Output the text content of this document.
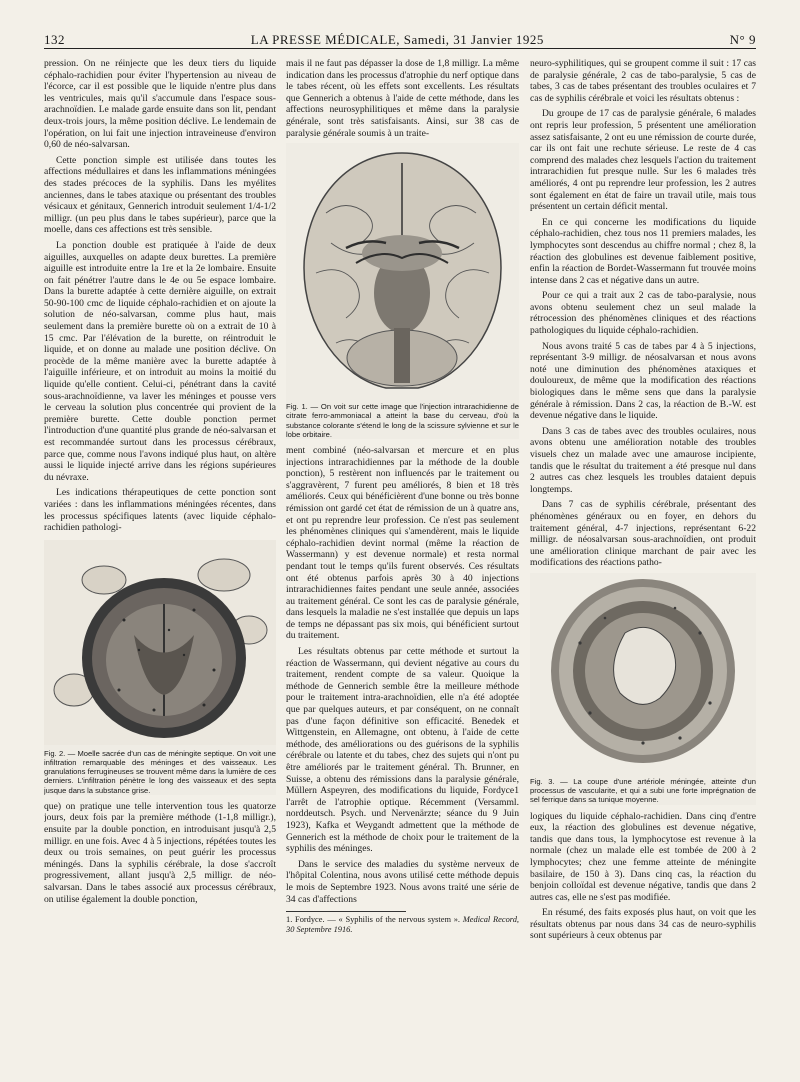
132	LA PRESSE MÉDICALE, Samedi, 31 Janvier 1925	N° 9

pression. On ne réinjecte que les deux tiers du liquide céphalo-rachidien pour éviter l'hypertension au niveau de l'écorce, car il est possible que le liquide n'entre plus dans les ventricules, mais qu'il s'accumule dans l'espace sous-arachnoïdien. Le malade garde ensuite dans son lit, pendant deux-trois jours, la même position déclive. Le lendemain de l'opération, on lui fait une injection intraveineuse d'environ 0,60 de néo-salvarsan.

Cette ponction simple est utilisée dans toutes les affections médullaires et dans les inflammations méningées des stades précoces de la syphilis. Dans les myélites anciennes, dans le tabes ataxique ou présentant des troubles vésicaux et génitaux, Gennerich introduit seulement 1/4-1/2 milligr. (un peu plus dans le tabes supérieur), parce que la moelle, dans ces affections est très sensible.

La ponction double est pratiquée à l'aide de deux aiguilles, auxquelles on adapte deux burettes. La première aiguille est introduite entre la 1re et la 2e lombaire. Ensuite on fait pénétrer l'autre dans le 4e ou 5e espace lombaire. Dans la burette adaptée à cette dernière aiguille, on extrait 50-90-100 cmc de liquide céphalo-rachidien et on ajoute la solution de néo-salvarsan, comme plus haut, mais seulement dans la première burette où on a extrait de 10 à 15 cmc. Par l'élévation de la burette, on réintroduit le liquide, et on donne au malade une position déclive. On procède de la même manière avec la burette adaptée à l'aiguille inférieure, et on introduit au moins la moitié du liquide qu'elle contient. Celui-ci, pénétrant dans la cavité sous-arachnoïdienne, va laver les méninges et pousse vers le cerveau la solution plus concentrée qui provient de la première burette. Cette double ponction permet l'introduction d'une quantité plus grande de néo-salvarsan et est recommandée surtout dans les processus cérébraux, parce que, comme nous l'avons indiqué plus haut, on altère aussi le liquide injecté arrive dans les régions supérieures du névraxe.

Les indications thérapeutiques de cette ponction sont variées : dans les inflammations méningées récentes, dans les processus spécifiques latents (avec liquide céphalo-rachidien pathologi-

Fig. 2. — Moelle sacrée d'un cas de méningite septique. On voit une infiltration remarquable des méninges et des vaisseaux. Les granulations ferrugineuses se trouvent même dans la lumière de ces derniers. L'infiltration pénètre le long des vaisseaux et des septa jusque dans la substance grise.

que) on pratique une telle intervention tous les quatorze jours, deux fois par la première méthode (1-1,8 milligr.), ensuite par la double ponction, en introduisant jusqu'à 2,5 milligr. en une fois. Avec 4 à 5 injections, répétées toutes les deux ou trois semaines, on peut guérir les processus méningés. Dans la syphilis cérébrale, la dose s'accroît progressivement, allant jusqu'à 2,5 milligr. de néo-salvarsan. Dans le tabes associé aux processus cérébraux, on utilise également la double ponction,

mais il ne faut pas dépasser la dose de 1,8 milligr. La même indication dans les processus d'atrophie du nerf optique dans le tabes récent, où les effets sont excellents. Les résultats que Gennerich a obtenus à l'aide de cette méthode, dans les affections neurosyphilitiques et même dans la paralysie générale, sont très satisfaisants. Ainsi, sur 38 cas de paralysie générale soumis à un traite-

Fig. 1. — On voit sur cette image que l'injection intrarachidienne de citrate ferro-ammoniacal a atteint la base du cerveau, d'où la substance colorante s'étend le long de la scissure sylvienne et sur le lobe orbitaire.

ment combiné (néo-salvarsan et mercure et en plus injections intrarachidiennes par la méthode de la double ponction), 5 restèrent non influencés par le traitement ou s'aggravèrent, 7 furent peu améliorés, 8 bien et 18 très améliorés. Ceux qui bénéficièrent d'une bonne ou très bonne rémission ont gardé cet état de rémission de un à quatre ans, et ont pu reprendre leur profession. Ce n'est pas seulement les phénomènes cliniques qui s'amendèrent, mais le liquide céphalo-rachidien devint normal (même la réaction de Wassermann) y est devenue normale) et resta normal pendant tout le temps qu'ils furent observés. Ces résultats ont été obtenus parfois après 30 à 40 injections intrarachidiennes faites pendant une seule année, associées au traitement général. Ce sont les cas de paralysie générale, dans lesquels la maladie ne s'est installée que depuis un laps de temps ne dépassant pas six mois, qui bénéficient surtout du traitement.

Les résultats obtenus par cette méthode et surtout la réaction de Wassermann, qui devient négative au cours du traitement, rendent compte de sa valeur. Quoique la méthode de Gennerich semble être la meilleure méthode pour le traitement intra-arachnoïdien, elle n'a été adoptée que par quelques auteurs, et par conséquent, on ne connaît pas d'une façon définitive son efficacité. Benedek et Wittgenstein, en Allemagne, ont obtenu, à l'aide de cette méthode, des améliorations ou des guérisons de la syphilis cérébrale ou latente et du tabes, chez des sujets qui n'ont pu être améliorés par le traitement général. Th. Brunner, en Suisse, a obtenu des rémissions dans la paralysie générale, Müllern Aspeyren, des modifications du liquide, Fordyce1 l'arrêt de l'atrophie optique. Récemment (Versamml. norddeutsch. Psych. und Nervenärzte; séance du 9 Juin 1923), Kafka et Weygandt admettent que la méthode de Gennerich est la méthode de choix pour le traitement de la syphilis des méninges.

Dans le service des maladies du système nerveux de l'hôpital Colentina, nous avons utilisé cette méthode depuis le mois de Septembre 1923. Nous avons traité une série de 34 cas d'affections

1. Fordyce. — « Syphilis of the nervous system ». Medical Record, 30 Septembre 1916.

neuro-syphilitiques, qui se groupent comme il suit : 17 cas de paralysie générale, 2 cas de tabo-paralysie, 5 cas de tabes, 3 cas de tabes présentant des troubles oculaires et 7 cas de syphilis cérébrale et voici les résultats obtenus :

Du groupe de 17 cas de paralysie générale, 6 malades ont repris leur profession, 5 présentent une amélioration assez satisfaisante, 2 ont eu une rémission de courte durée, car ils ont fait une rechute sérieuse. Le reste de 4 cas comprend des malades chez lesquels l'action du traitement intrarachidien fut presque nulle. Sur les 6 malades très améliorés, 4 ont pu reprendre leur profession, les 2 autres sont également en état de faire un travail utile, mais tous présentent un certain déficit mental.

En ce qui concerne les modifications du liquide céphalo-rachidien, chez tous nos 11 premiers malades, les lymphocytes sont descendus au chiffre normal ; chez 8, la réaction des globulines est devenue faiblement positive, enfin la réaction de Bordet-Wassermann fut trouvée moins intense dans 2 cas et négative dans un autre.

Pour ce qui a trait aux 2 cas de tabo-paralysie, nous avons obtenu seulement chez un seul malade la rétrocession des phénomènes cliniques et des réactions pathologiques du liquide céphalo-rachidien.

Nous avons traité 5 cas de tabes par 4 à 5 injections, représentant 3-9 milligr. de néosalvarsan et nous avons noté une diminution des phénomènes ataxiques et douloureux, de même que la modification des réactions biologiques dans le même sens que dans la paralysie générale à rémission. Dans 2 cas, la réaction de B.-W. est devenue négative dans le liquide.

Dans 3 cas de tabes avec des troubles oculaires, nous avons obtenu une amélioration notable des troubles visuels chez un malade avec une amaurose incipiente, tandis que le résultat du traitement a été presque nul dans 2 autres cas chez lesquels les troubles dataient depuis longtemps.

Dans 7 cas de syphilis cérébrale, présentant des phénomènes généraux ou en foyer, en dehors du traitement général, 4-7 injections, représentant 6-22 milligr. de néosalvarsan sous-arachnoïdien, ont produit une amélioration clinique marchant de pair avec les modifications des réactions patho-

Fig. 3. — La coupe d'une artériole méningée, atteinte d'un processus de vascularite, et qui a subi une forte imprégnation de sel ferrique dans sa tunique moyenne.

logiques du liquide céphalo-rachidien. Dans cinq d'entre eux, la réaction des globulines est devenue négative, tandis que dans tous, la lymphocytose est revenue à la normale (chez un malade elle est tombée de 200 à 2 lymphocytes; chez une femme atteinte de méningite basilaire, de 150 à 3). Dans cinq cas, la réaction du benjoin colloïdal est devenue négative, tandis que dans 2 autres cas, elle ne s'est pas modifiée.

En résumé, des faits exposés plus haut, on voit que les résultats obtenus par nous dans 34 cas de neuro-syphilis sont supérieurs à ceux obtenus par
